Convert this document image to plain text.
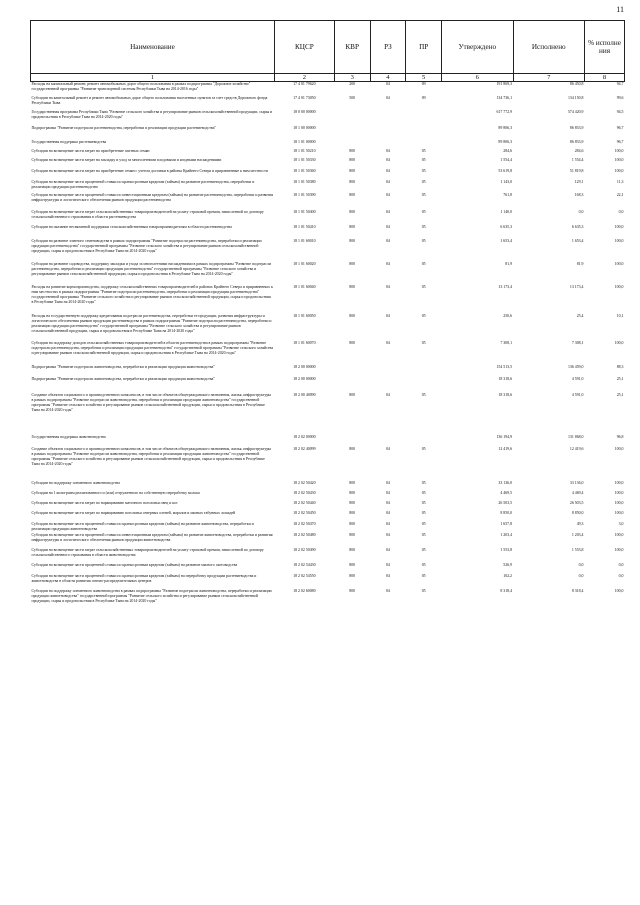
11
Наименование	КЦСР	КВР	РЗ	ПР	Утверждено	Исполнено	% исполне ния
1	2	3	4	5	6	7	8
Расходы на капитальный ремонт, ремонт автомобильных дорог общего пользования в рамках подпрограммы "Дорожное хозяйство" государственной программы "Развитие транспортной системы Республики Тыва на 2014-2016 годы"	17 4 01 79620	200	04	09	191 869,3	86 450,8	94,7
Субсидии на капитальный ремонт и ремонт автомобильных дорог общего пользования населенных пунктов за счет средств Дорожного фонда Республики Тыва	17 4 01 73050	500	04	09	134 736,1	134 150,8	99,6
Государственная программа Республики Тыва "Развитие сельского хозяйства и регулирование рынков сельскохозяйственной продукции, сырья и продовольствия в Республике Тыва на 2014-2020 годы"	18 0 00 00000				617 772,9	574 420,9	94,5
Подпрограмма "Развитие подотрасли растениеводства, переработки и реализации продукции растениеводства"	18 1 00 00000				89 806,3	86 833,9	96,7
Государственная поддержка растениеводства	18 1 01 00000				89 806,3	86 833,9	96,7
Субсидии на возмещение части затрат на приобретение элитных семян	18 1 01 50210	800	04	05	284,6	284,6	100,0
Субсидии на возмещение части затрат на закладку и уход за многолетними плодовыми и ягодными насаждениями	18 1 01 50330	800	04	05	1 554,4	1 554,4	100,0
Субсидии на возмещение части затрат на приобретение семян с учетом доставки в районы Крайнего Севера и приравненные к ним местности	18 1 01 50360	800	04	05	53 619,8	51 819,8	100,0
Субсидии на возмещение части процентной ставки по краткосрочным кредитам (займам) на развитие растениеводства, переработки и реализации продукции растениеводства	18 1 01 50380	800	04	05	1 143,0	129,1	11,3
Субсидии на возмещение части процентной ставки по инвестиционным кредитам (займам) на развитие растениеводства, переработки и развития инфраструктуры и логистического обеспечения рынков продукции растениеводства	18 1 01 50390	800	04	05	761,8	168,3	22,1
Субсидии на возмещение части затрат сельскохозяйственных товаропроизводителей на уплату страховой премии, начисленной по договору сельскохозяйственного страхования в области растениеводства	18 1 01 50400	800	04	05	1 140,0	0,0	0,0
Субсидии на оказание несвязанной поддержки сельскохозяйственным товаропроизводителям в области растениеводства	18 1 01 50410	800	04	05	6 635,3	6 635,3	100,0
Субсидии на развитие элитного семеноводства в рамках подпрограммы "Развитие подотрасли растениеводства, переработки и реализации продукции растениеводства" государственной программы "Развитие сельского хозяйства и регулирование рынков сельскохозяйственной продукции, сырья и продовольствия в Республике Тыва на 2014-2020 годы"	18 1 01 60010	800	04	05	1 653,4	1 653,4	100,0
Субсидии на развитие садоводства, поддержку закладки и ухода за многолетними насаждениями в рамках подпрограммы "Развитие подотрасли растениеводства, переработки и реализации продукции растениеводства" государственной программы "Развитие сельского хозяйства и регулирование рынков сельскохозяйственной продукции, сырья и продовольствия в Республике Тыва на 2014-2020 годы"	18 1 01 60020	800	04	05	81,9	81,9	100,0
Расходы на развитие кормопроизводства, поддержку сельскохозяйственных товаропроизводителей в районах Крайнего Севера и приравненных к ним местностях в рамках подпрограммы "Развитие подотрасли растениеводства, переработки и реализации продукции растениеводства" государственной программы "Развитие сельского хозяйства и регулирование рынков сельскохозяйственной продукции, сырья и продовольствия в Республике Тыва на 2014-2020 годы"	18 1 01 60040	800	04	05	13 173,4	13 173,4	100,0
Расходы на государственную поддержку кредитования подотрасли растениеводства, переработки ее продукции, развития инфраструктуры и логистического обеспечения рынков продукции растениеводства в рамках подпрограммы "Развитие подотрасли растениеводства, переработки и реализации продукции растениеводства" государственной программы "Развитие сельского хозяйства и регулирование рынков сельскохозяйственной продукции, сырья и продовольствия в Республике Тыва на 2014-2020 годы"	18 1 01 60050	800	04	05	250,6	25,4	10,1
Субсидии на поддержку доходов сельскохозяйственных товаропроизводителей в области растениеводства в рамках подпрограммы "Развитие подотрасли растениеводства, переработки и реализации продукции растениеводства" государственной программы "Развитие сельского хозяйства и регулирование рынков сельскохозяйственной продукции, сырья и продовольствия в Республике Тыва на 2014-2020 годы"	18 1 01 60070	800	04	05	7 308,1	7 308,1	100,0
Подпрограмма "Развитие подотрасли животноводства, переработки и реализации продукции животноводства"	18 2 00 00000				154 513,5	136 459,0	88,3
Подпрограмма "Развитие подотрасли животноводства, переработки и реализации продукции животноводства"	18 2 00 00000				18 318,6	4 591,0	25,1
Создание объектов социального и производственного комплексов, в том числе объектов общегражданского назначения, жилья, инфраструктуры в рамках подпрограммы "Развитие подотрасли животноводства, переработки и реализации продукции животноводства" государственной программы "Развитие сельского хозяйства и регулирование рынков сельскохозяйственной продукции, сырья и продовольствия в Республике Тыва на 2014-2020 годы"	18 2 00 40090	800	04	05	18 318,6	4 591,0	25,1
Государственная поддержка животноводства	18 2 02 00000				136 194,9	131 868,0	96,8
Создание объектов социального и производственного комплексов, в том числе объектов общегражданского назначения, жилья, инфраструктуры в рамках подпрограммы "Развитие подотрасли животноводства, переработки и реализации продукции животноводства" государственной программы "Развитие сельского хозяйства и регулирование рынков сельскохозяйственной продукции, сырья и продовольствия в Республике Тыва на 2014-2020 годы"	18 2 02 40099	800	04	05	12 419,6	12 419,6	100,0
Субсидии на поддержку племенного животноводства	18 2 02 50420	800	04	05	33 136,0	33 136,0	100,0
Субсидии на 1 килограмм реализованного и (или) отгруженного на собственную переработку молока	18 2 02 50430	800	04	05	4 469,5	4 469,4	100,0
Субсидии на возмещение части затрат по наращиванию маточного поголовья овец и коз	18 2 02 50440	800	04	05	26 503,5	26 503,5	100,0
Субсидии на возмещение части затрат по наращиванию поголовья северных оленей, маралов и мясных табунных лошадей	18 2 02 50450	800	04	05	8 850,0	8 850,0	100,0
Субсидии на возмещение части процентной ставки по краткосрочным кредитам (займам) на развитие животноводства, переработки и реализации продукции животноводства	18 2 02 50470	800	04	05	1 657,8	49,3	3,0
Субсидии на возмещение части процентной ставки по инвестиционным кредитам (займам) на развитие животноводства, переработки и развития инфраструктуры и логистического обеспечения рынков продукции животноводства	18 2 02 50480	800	04	05	1 203,4	1 203,4	100,0
Субсидии на возмещение части затрат сельскохозяйственных товаропроизводителей на уплату страховой премии, начисленной по договору сельскохозяйственного страхования в области животноводства	18 2 02 50490	800	04	05	1 553,8	1 553,8	100,0
Субсидии на возмещение части процентной ставки по краткосрочным кредитам (займам) на развитие мясного скотоводства	18 2 02 54430	800	04	05	526,9	0,0	0,0
Субсидии на возмещение части процентной ставки по краткосрочным кредитам (займам) на переработку продукции растениеводства и животноводства в области развития оптово-распределительных центров	18 2 02 54550	800	04	05	102,2	0,0	0,0
Субсидии на поддержку племенного животноводства в рамках подпрограммы "Развитие подотрасли животноводства, переработки и реализации продукции животноводства" государственной программы "Развитие сельского хозяйства и регулирование рынков сельскохозяйственной продукции, сырья и продовольствия в Республике Тыва на 2014-2020 годы"	18 2 02 60080	800	04	05	8 318,4	8 318,4	100,0
